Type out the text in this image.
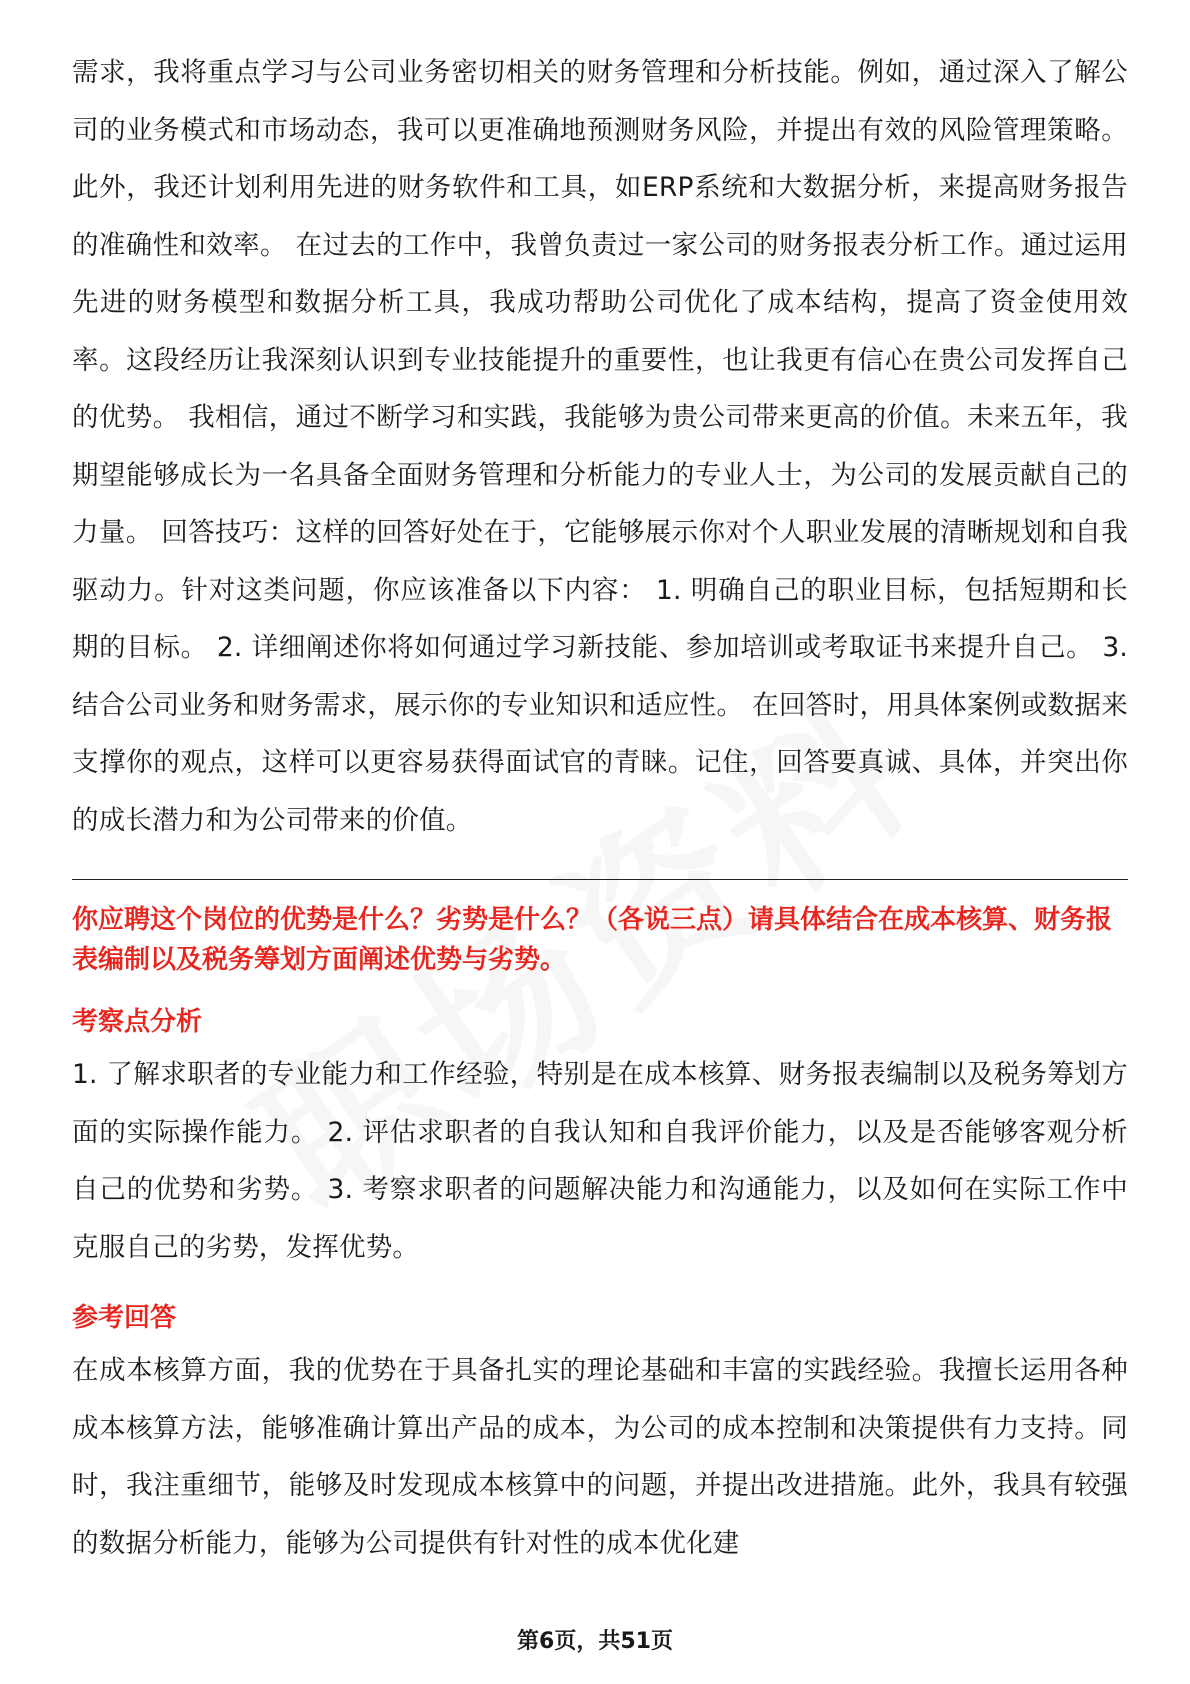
需求，我将重点学习与公司业务密切相关的财务管理和分析技能。例如，通过深入了解公司的业务模式和市场动态，我可以更准确地预测财务风险，并提出有效的风险管理策略。此外，我还计划利用先进的财务软件和工具，如ERP系统和大数据分析，来提高财务报告的准确性和效率。 在过去的工作中，我曾负责过一家公司的财务报表分析工作。通过运用先进的财务模型和数据分析工具，我成功帮助公司优化了成本结构，提高了资金使用效率。这段经历让我深刻认识到专业技能提升的重要性，也让我更有信心在贵公司发挥自己的优势。 我相信，通过不断学习和实践，我能够为贵公司带来更高的价值。未来五年，我期望能够成长为一名具备全面财务管理和分析能力的专业人士，为公司的发展贡献自己的力量。 回答技巧：这样的回答好处在于，它能够展示你对个人职业发展的清晰规划和自我驱动力。针对这类问题，你应该准备以下内容： 1. 明确自己的职业目标，包括短期和长期的目标。 2. 详细阐述你将如何通过学习新技能、参加培训或考取证书来提升自己。 3. 结合公司业务和财务需求，展示你的专业知识和适应性。 在回答时，用具体案例或数据来支撑你的观点，这样可以更容易获得面试官的青睐。记住，回答要真诚、具体，并突出你的成长潜力和为公司带来的价值。

你应聘这个岗位的优势是什么？劣势是什么？（各说三点）请具体结合在成本核算、财务报表编制以及税务筹划方面阐述优势与劣势。

考察点分析

1. 了解求职者的专业能力和工作经验，特别是在成本核算、财务报表编制以及税务筹划方面的实际操作能力。 2. 评估求职者的自我认知和自我评价能力，以及是否能够客观分析自己的优势和劣势。 3. 考察求职者的问题解决能力和沟通能力，以及如何在实际工作中克服自己的劣势，发挥优势。

参考回答

在成本核算方面，我的优势在于具备扎实的理论基础和丰富的实践经验。我擅长运用各种成本核算方法，能够准确计算出产品的成本，为公司的成本控制和决策提供有力支持。同时，我注重细节，能够及时发现成本核算中的问题，并提出改进措施。此外，我具有较强的数据分析能力，能够为公司提供有针对性的成本优化建

第6页，共51页
